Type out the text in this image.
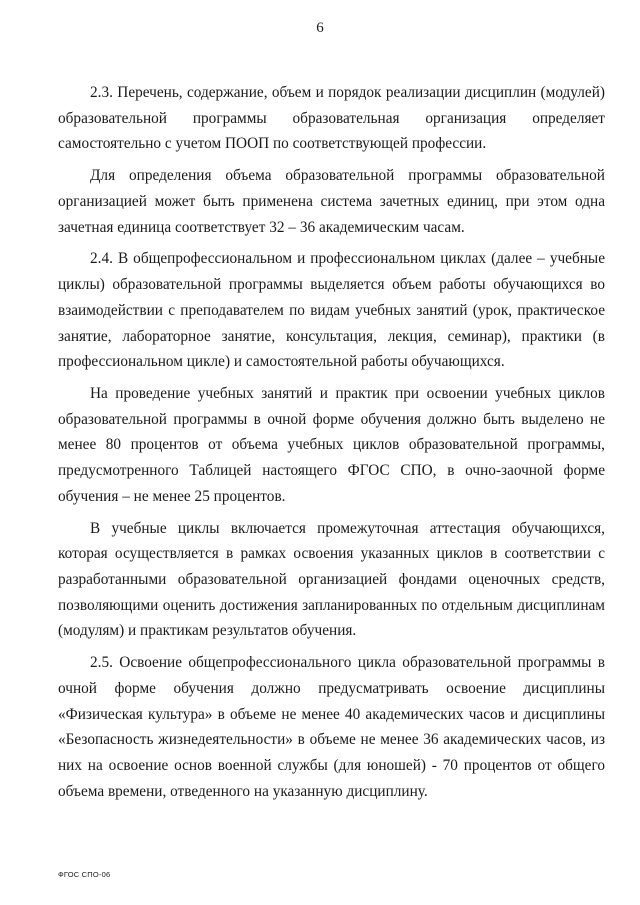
6

2.3. Перечень, содержание, объем и порядок реализации дисциплин (модулей) образовательной программы образовательная организация определяет самостоятельно с учетом ПООП по соответствующей профессии.

Для определения объема образовательной программы образовательной организацией может быть применена система зачетных единиц, при этом одна зачетная единица соответствует 32 – 36 академическим часам.

2.4. В общепрофессиональном и профессиональном циклах (далее – учебные циклы) образовательной программы выделяется объем работы обучающихся во взаимодействии с преподавателем по видам учебных занятий (урок, практическое занятие, лабораторное занятие, консультация, лекция, семинар), практики (в профессиональном цикле) и самостоятельной работы обучающихся.

На проведение учебных занятий и практик при освоении учебных циклов образовательной программы в очной форме обучения должно быть выделено не менее 80 процентов от объема учебных циклов образовательной программы, предусмотренного Таблицей настоящего ФГОС СПО, в очно-заочной форме обучения – не менее 25 процентов.

В учебные циклы включается промежуточная аттестация обучающихся, которая осуществляется в рамках освоения указанных циклов в соответствии с разработанными образовательной организацией фондами оценочных средств, позволяющими оценить достижения запланированных по отдельным дисциплинам (модулям) и практикам результатов обучения.

2.5. Освоение общепрофессионального цикла образовательной программы в очной форме обучения должно предусматривать освоение дисциплины «Физическая культура» в объеме не менее 40 академических часов и дисциплины «Безопасность жизнедеятельности» в объеме не менее 36 академических часов, из них на освоение основ военной службы (для юношей) - 70 процентов от общего объема времени, отведенного на указанную дисциплину.

ФГОС СПО-06
